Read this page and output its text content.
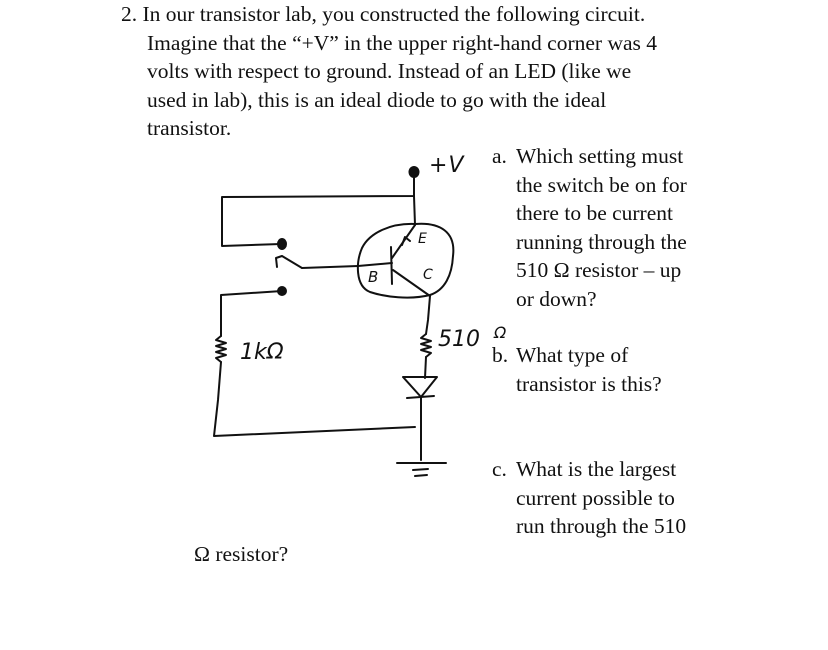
2. In our transistor lab, you constructed the following circuit.
Imagine that the “+V” in the upper right-hand corner was 4
volts with respect to ground. Instead of an LED (like we
used in lab), this is an ideal diode to go with the ideal
transistor.
a. Which setting must
the switch be on for
there to be current
running through the
510 Ω resistor – up
or down?
b. What type of
transistor is this?
c. What is the largest
current possible to
run through the 510
Ω resistor?
+V
E
B	C
1kΩ
510 Ω
